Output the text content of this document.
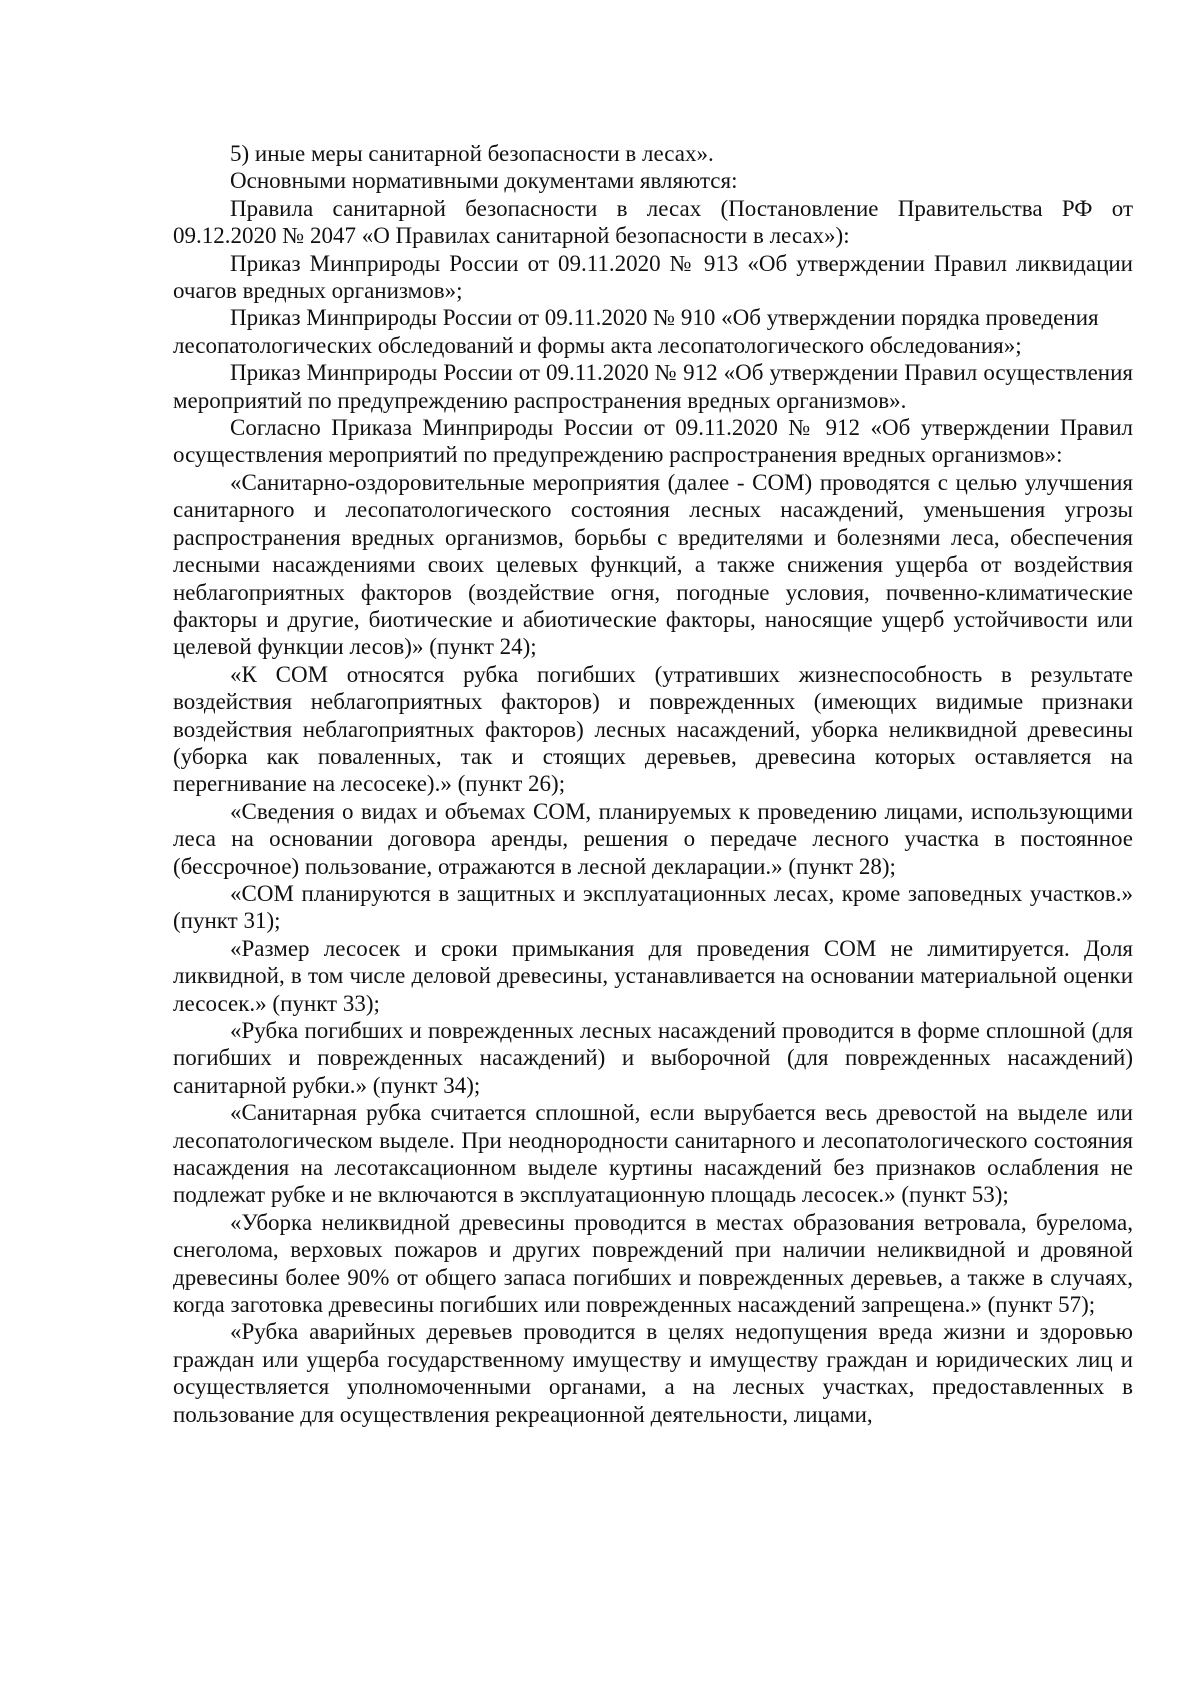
5) иные меры санитарной безопасности в лесах».

Основными нормативными документами являются:

Правила санитарной безопасности в лесах (Постановление Правительства РФ от 09.12.2020 № 2047 «О Правилах санитарной безопасности в лесах»):

Приказ Минприроды России от 09.11.2020 № 913 «Об утверждении Правил ликвидации очагов вредных организмов»;

Приказ Минприроды России от 09.11.2020 № 910 «Об утверждении порядка проведения лесопатологических обследований и формы акта лесопатологического обследования»;

Приказ Минприроды России от 09.11.2020 № 912 «Об утверждении Правил осуществления мероприятий по предупреждению распространения вредных организмов».

Согласно Приказа Минприроды России от 09.11.2020 № 912 «Об утверждении Правил осуществления мероприятий по предупреждению распространения вредных организмов»:

«Санитарно-оздоровительные мероприятия (далее - СОМ) проводятся с целью улучшения санитарного и лесопатологического состояния лесных насаждений, уменьшения угрозы распространения вредных организмов, борьбы с вредителями и болезнями леса, обеспечения лесными насаждениями своих целевых функций, а также снижения ущерба от воздействия неблагоприятных факторов (воздействие огня, погодные условия, почвенно-климатические факторы и другие, биотические и абиотические факторы, наносящие ущерб устойчивости или целевой функции лесов)» (пункт 24);

«К СОМ относятся рубка погибших (утративших жизнеспособность в результате воздействия неблагоприятных факторов) и поврежденных (имеющих видимые признаки воздействия неблагоприятных факторов) лесных насаждений, уборка неликвидной древесины (уборка как поваленных, так и стоящих деревьев, древесина которых оставляется на перегнивание на лесосеке).» (пункт 26);

«Сведения о видах и объемах СОМ, планируемых к проведению лицами, использующими леса на основании договора аренды, решения о передаче лесного участка в постоянное (бессрочное) пользование, отражаются в лесной декларации.» (пункт 28);

«СОМ планируются в защитных и эксплуатационных лесах, кроме заповедных участков.» (пункт 31);

«Размер лесосек и сроки примыкания для проведения СОМ не лимитируется. Доля ликвидной, в том числе деловой древесины, устанавливается на основании материальной оценки лесосек.» (пункт 33);

«Рубка погибших и поврежденных лесных насаждений проводится в форме сплошной (для погибших и поврежденных насаждений) и выборочной (для поврежденных насаждений) санитарной рубки.» (пункт 34);

«Санитарная рубка считается сплошной, если вырубается весь древостой на выделе или лесопатологическом выделе. При неоднородности санитарного и лесопатологического состояния насаждения на лесотаксационном выделе куртины насаждений без признаков ослабления не подлежат рубке и не включаются в эксплуатационную площадь лесосек.» (пункт 53);

«Уборка неликвидной древесины проводится в местах образования ветровала, бурелома, снеголома, верховых пожаров и других повреждений при наличии неликвидной и дровяной древесины более 90% от общего запаса погибших и поврежденных деревьев, а также в случаях, когда заготовка древесины погибших или поврежденных насаждений запрещена.» (пункт 57);

«Рубка аварийных деревьев проводится в целях недопущения вреда жизни и здоровью граждан или ущерба государственному имуществу и имуществу граждан и юридических лиц и осуществляется уполномоченными органами, а на лесных участках, предоставленных в пользование для осуществления рекреационной деятельности, лицами,
